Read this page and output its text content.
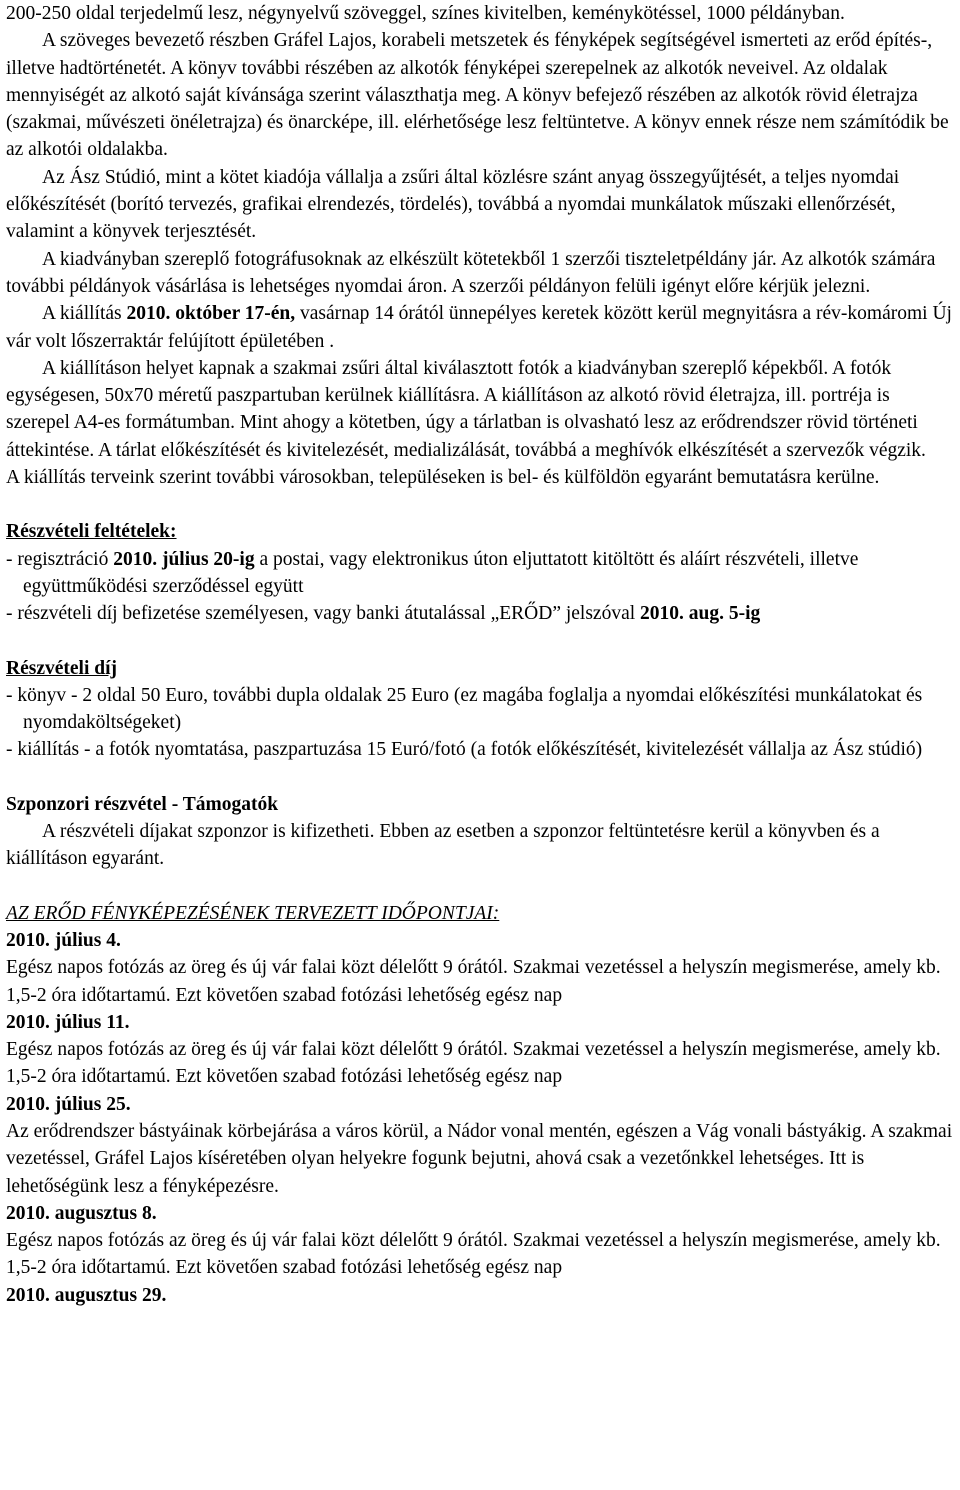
200-250 oldal terjedelmű lesz, négynyelvű szöveggel, színes kivitelben, keménykötéssel, 1000 példányban.

A szöveges bevezető részben Gráfel Lajos, korabeli metszetek és fényképek segítségével ismerteti az erőd építés-, illetve hadtörténetét. A könyv további részében az alkotók fényképei szerepelnek az alkotók neveivel. Az oldalak mennyiségét az alkotó saját kívánsága szerint választhatja meg. A könyv befejező részében az alkotók rövid életrajza (szakmai, művészeti önéletrajza) és önarcképe, ill. elérhetősége lesz feltüntetve. A könyv ennek része nem számítódik be az alkotói oldalakba.

Az Ász Stúdió, mint a kötet kiadója vállalja a zsűri által közlésre szánt anyag összegyűjtését, a teljes nyomdai előkészítését (borító tervezés, grafikai elrendezés, tördelés), továbbá a nyomdai munkálatok műszaki ellenőrzését, valamint a könyvek terjesztését.

A kiadványban szereplő fotográfusoknak az elkészült kötetekből 1 szerzői tiszteletpéldány jár. Az alkotók számára további példányok vásárlása is lehetséges nyomdai áron. A szerzői példányon felüli igényt előre kérjük jelezni.

A kiállítás 2010. október 17-én, vasárnap 14 órától ünnepélyes keretek között kerül megnyitásra a rév-komáromi Új vár volt lőszerraktár felújított épületében .

A kiállításon helyet kapnak a szakmai zsűri által kiválasztott fotók a kiadványban szereplő képekből. A fotók egységesen, 50x70 méretű paszpartuban kerülnek kiállításra. A kiállításon az alkotó rövid életrajza, ill. portréja is szerepel A4-es formátumban. Mint ahogy a kötetben, úgy a tárlatban is olvasható lesz az erődrendszer rövid történeti áttekintése. A tárlat előkészítését és kivitelezését, medializálását, továbbá a meghívók elkészítését a szervezők végzik.

A kiállítás terveink szerint további városokban, településeken is bel- és külföldön egyaránt bemutatásra kerülne.

Részvételi feltételek:

- regisztráció 2010. július 20-ig a postai, vagy elektronikus úton eljuttatott kitöltött és aláírt részvételi, illetve együttműködési szerződéssel együtt

- részvételi díj befizetése személyesen, vagy banki átutalással „ERŐD” jelszóval 2010. aug. 5-ig

Részvételi díj

- könyv - 2 oldal 50 Euro, további dupla oldalak 25 Euro (ez magába foglalja a nyomdai előkészítési munkálatokat és nyomdaköltségeket)

- kiállítás - a fotók nyomtatása, paszpartuzása 15 Euró/fotó (a fotók előkészítését, kivitelezését vállalja az Ász stúdió)

Szponzori részvétel - Támogatók

A részvételi díjakat szponzor is kifizetheti. Ebben az esetben a szponzor feltüntetésre kerül a könyvben és a kiállításon egyaránt.

AZ ERŐD FÉNYKÉPEZÉSÉNEK TERVEZETT IDŐPONTJAI:

2010. július 4.

Egész napos fotózás az öreg és új vár falai közt délelőtt 9 órától. Szakmai vezetéssel a helyszín megismerése, amely kb. 1,5-2 óra időtartamú. Ezt követően szabad fotózási lehetőség egész nap

2010. július 11.

Egész napos fotózás az öreg és új vár falai közt délelőtt 9 órától. Szakmai vezetéssel a helyszín megismerése, amely kb. 1,5-2 óra időtartamú. Ezt követően szabad fotózási lehetőség egész nap

2010. július 25.

Az erődrendszer bástyáinak körbejárása a város körül, a Nádor vonal mentén, egészen a Vág vonali bástyákig. A szakmai vezetéssel, Gráfel Lajos kíséretében olyan helyekre fogunk bejutni, ahová csak a vezetőnkkel lehetséges. Itt is lehetőségünk lesz a fényképezésre.

2010. augusztus 8.

Egész napos fotózás az öreg és új vár falai közt délelőtt 9 órától. Szakmai vezetéssel a helyszín megismerése, amely kb. 1,5-2 óra időtartamú. Ezt követően szabad fotózási lehetőség egész nap

2010. augusztus 29.
